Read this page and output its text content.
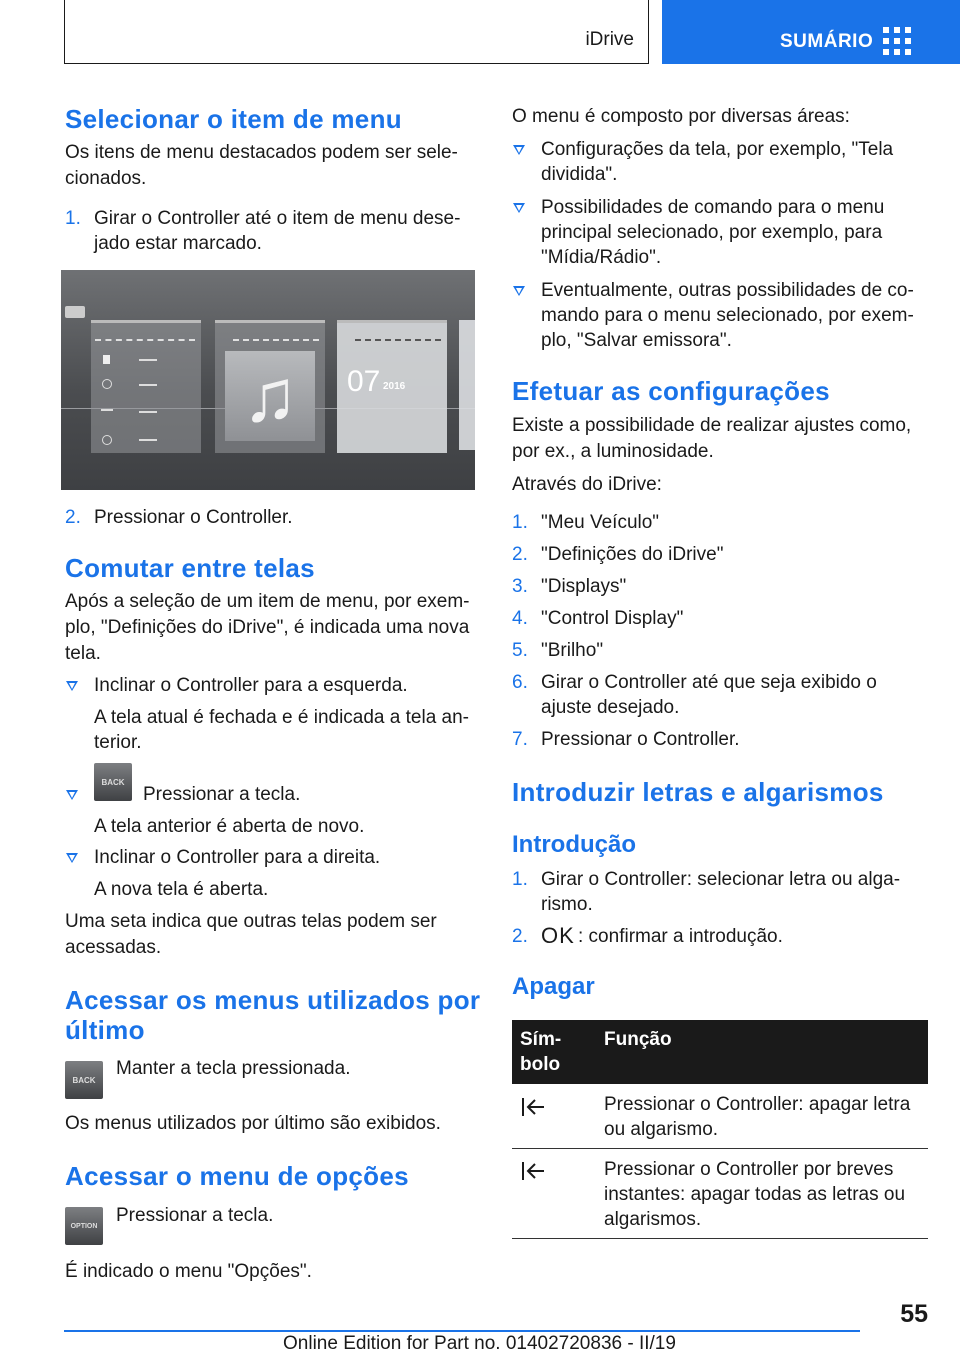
iDrive	SUMÁRIO
Selecionar o item de menu
Os itens de menu destacados podem ser sele-
cionados.
1. Girar o Controller até o item de menu dese-
jado estar marcado.
♫	07 2016
2. Pressionar o Controller.
Comutar entre telas
Após a seleção de um item de menu, por exem-
plo, "Definições do iDrive", é indicada uma nova
tela.
Inclinar o Controller para a esquerda.
A tela atual é fechada e é indicada a tela an-
terior.
BACK
Pressionar a tecla.
A tela anterior é aberta de novo.
Inclinar o Controller para a direita.
A nova tela é aberta.
Uma seta indica que outras telas podem ser
acessadas.
Acessar os menus utilizados por
último
BACK
Manter a tecla pressionada.
Os menus utilizados por último são exibidos.
Acessar o menu de opções
OPTION
Pressionar a tecla.
É indicado o menu "Opções".
O menu é composto por diversas áreas:
Configurações da tela, por exemplo, "Tela
dividida".
Possibilidades de comando para o menu
principal selecionado, por exemplo, para
"Mídia/Rádio".
Eventualmente, outras possibilidades de co-
mando para o menu selecionado, por exem-
plo, "Salvar emissora".
Efetuar as configurações
Existe a possibilidade de realizar ajustes como,
por ex., a luminosidade.
Através do iDrive:
1. "Meu Veículo"
2. "Definições do iDrive"
3. "Displays"
4. "Control Display"
5. "Brilho"
6. Girar o Controller até que seja exibido o
ajuste desejado.
7. Pressionar o Controller.
Introduzir letras e algarismos
Introdução
1. Girar o Controller: selecionar letra ou alga-
rismo.
2. OK : confirmar a introdução.
Apagar
Sím-
bolo
Função
Pressionar o Controller: apagar letra
ou algarismo.
Pressionar o Controller por breves
instantes: apagar todas as letras ou
algarismos.
55
Online Edition for Part no. 01402720836 - II/19
